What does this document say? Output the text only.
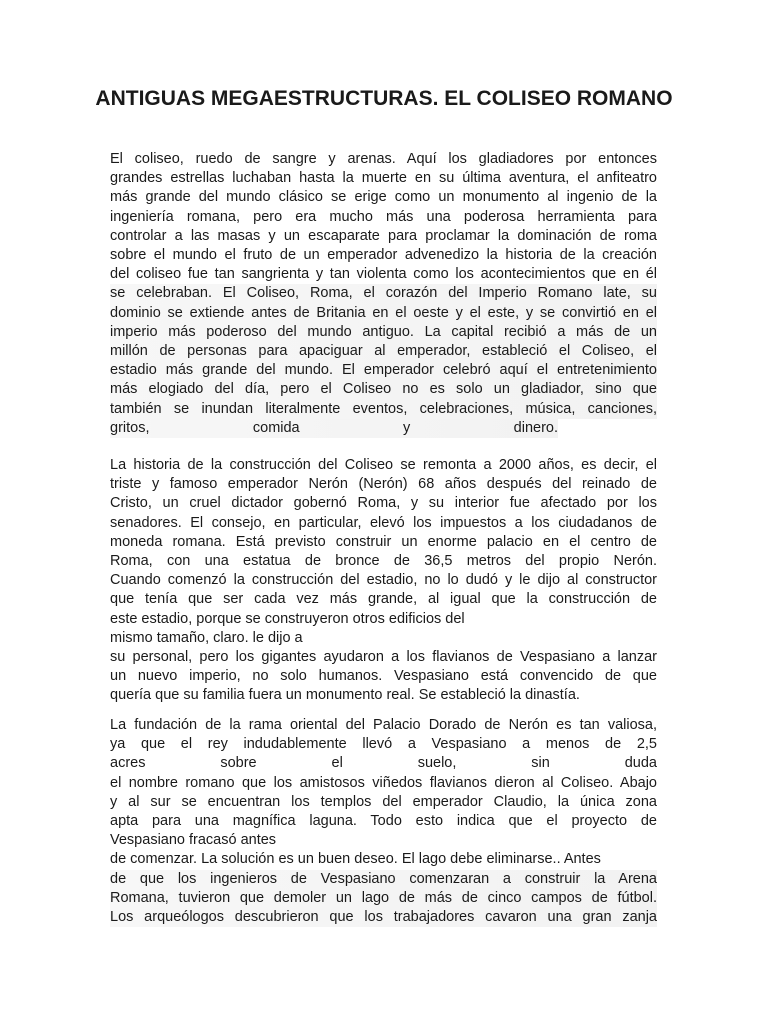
ANTIGUAS MEGAESTRUCTURAS. EL COLISEO ROMANO
El coliseo, ruedo de sangre y arenas. Aquí los gladiadores por entonces
grandes estrellas luchaban hasta la muerte en su última aventura, el anfiteatro
más grande del mundo clásico se erige como un monumento al ingenio de la
ingeniería romana, pero era mucho más una poderosa herramienta para
controlar a las masas y un escaparate para proclamar la dominación de roma
sobre el mundo el fruto de un emperador advenedizo la historia de la creación
del coliseo fue tan sangrienta y tan violenta como los acontecimientos que en él
se celebraban. El Coliseo, Roma, el corazón del Imperio Romano late, su
dominio se extiende antes de Britania en el oeste y el este, y se convirtió en el
imperio más poderoso del mundo antiguo. La capital recibió a más de un
millón de personas para apaciguar al emperador, estableció el Coliseo, el
estadio más grande del mundo. El emperador celebró aquí el entretenimiento
más elogiado del día, pero el Coliseo no es solo un gladiador, sino que
también se inundan literalmente eventos, celebraciones, música, canciones,
gritos, comida y dinero.
La historia de la construcción del Coliseo se remonta a 2000 años, es decir, el
triste y famoso emperador Nerón (Nerón) 68 años después del reinado de
Cristo, un cruel dictador gobernó Roma, y su interior fue afectado por los
senadores. El consejo, en particular, elevó los impuestos a los ciudadanos de
moneda romana. Está previsto construir un enorme palacio en el centro de
Roma, con una estatua de bronce de 36,5 metros del propio Nerón.
Cuando comenzó la construcción del estadio, no lo dudó y le dijo al constructor
que tenía que ser cada vez más grande, al igual que la construcción de
este estadio, porque se construyeron otros edificios del
mismo tamaño, claro. le dijo a
su personal, pero los gigantes ayudaron a los flavianos de Vespasiano a lanzar
un nuevo imperio, no solo humanos. Vespasiano está convencido de que
quería que su familia fuera un monumento real. Se estableció la dinastía.
La fundación de la rama oriental del Palacio Dorado de Nerón es tan valiosa,
ya que el rey indudablemente llevó a Vespasiano a menos de 2,5
acres sobre el suelo, sin duda
el nombre romano que los amistosos viñedos flavianos dieron al Coliseo. Abajo
y al sur se encuentran los templos del emperador Claudio, la única zona
apta para una magnífica laguna. Todo esto indica que el proyecto de
Vespasiano fracasó antes
de comenzar. La solución es un buen deseo. El lago debe eliminarse.. Antes
de que los ingenieros de Vespasiano comenzaran a construir la Arena
Romana, tuvieron que demoler un lago de más de cinco campos de fútbol.
Los arqueólogos descubrieron que los trabajadores cavaron una gran zanja
